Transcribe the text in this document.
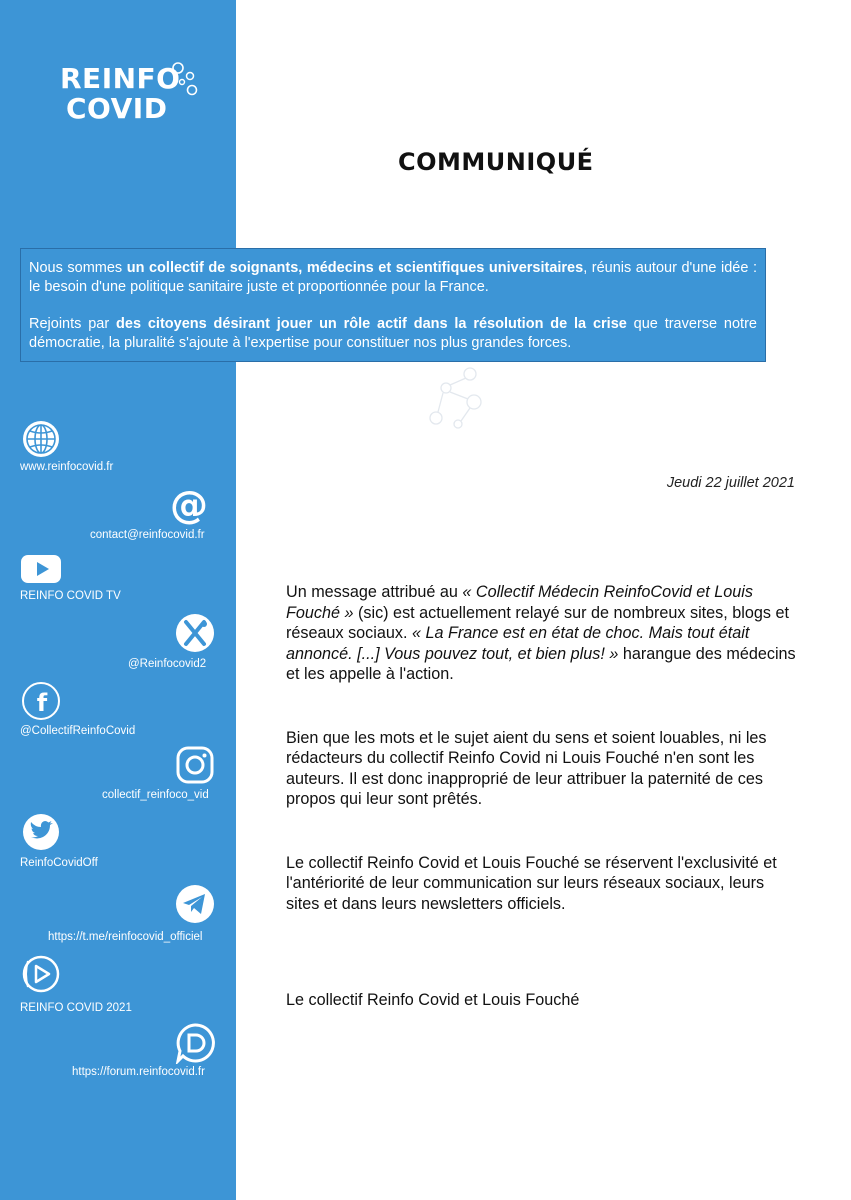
REINFO
COVID
COMMUNIQUÉ

Nous sommes un collectif de soignants, médecins et scientifiques universitaires, réunis autour d'une idée : le besoin d'une politique sanitaire juste et proportionnée pour la France.

Rejoints par des citoyens désirant jouer un rôle actif dans la résolution de la crise que traverse notre démocratie, la pluralité s'ajoute à l'expertise pour constituer nos plus grandes forces.

Jeudi 22 juillet 2021
www.reinfocovid.fr
@
contact@reinfocovid.fr
REINFO COVID TV
@Reinfocovid2
f
@CollectifReinfoCovid
collectif_reinfoco_vid
ReinfoCovidOff
https://t.me/reinfocovid_officiel
REINFO COVID 2021
https://forum.reinfocovid.fr

Un message attribué au « Collectif Médecin ReinfoCovid et Louis Fouché » (sic) est actuellement relayé sur de nombreux sites, blogs et réseaux sociaux. « La France est en état de choc. Mais tout était annoncé. [...] Vous pouvez tout, et bien plus! » harangue des médecins et les appelle à l'action.

Bien que les mots et le sujet aient du sens et soient louables, ni les rédacteurs du collectif Reinfo Covid ni Louis Fouché n'en sont les auteurs. Il est donc inapproprié de leur attribuer la paternité de ces propos qui leur sont prêtés.

Le collectif Reinfo Covid et Louis Fouché se réservent l'exclusivité et l'antériorité de leur communication sur leurs réseaux sociaux, leurs sites et dans leurs newsletters officiels.

Le collectif Reinfo Covid et Louis Fouché
